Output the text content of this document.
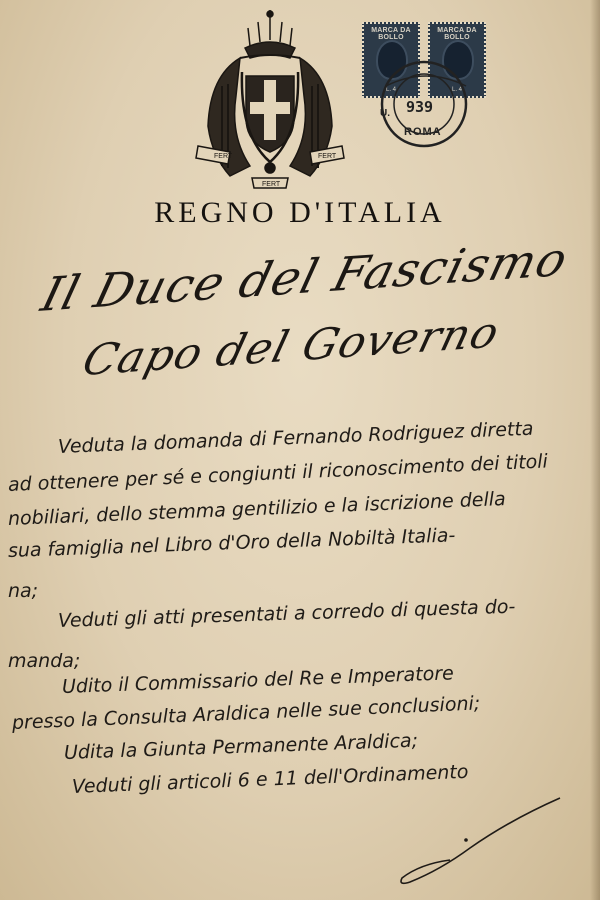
FERT
FERT
FERT
MARCA DA BOLLO
L. 4
MARCA DA BOLLO
L. 4
U. 939
ROMA
REGNO D'ITALIA
Il Duce del Fascismo
Capo del Governo
Veduta la domanda di Fernando Rodriguez diretta
ad ottenere per sé e congiunti il riconoscimento dei titoli
nobiliari, dello stemma gentilizio e la iscrizione della
sua famiglia nel Libro d'Oro della Nobiltà Italia-
na;
Veduti gli atti presentati a corredo di questa do-
manda;
Udito il Commissario del Re e Imperatore
presso la Consulta Araldica nelle sue conclusioni;
Udita la Giunta Permanente Araldica;
Veduti gli articoli 6 e 11 dell'Ordinamento
